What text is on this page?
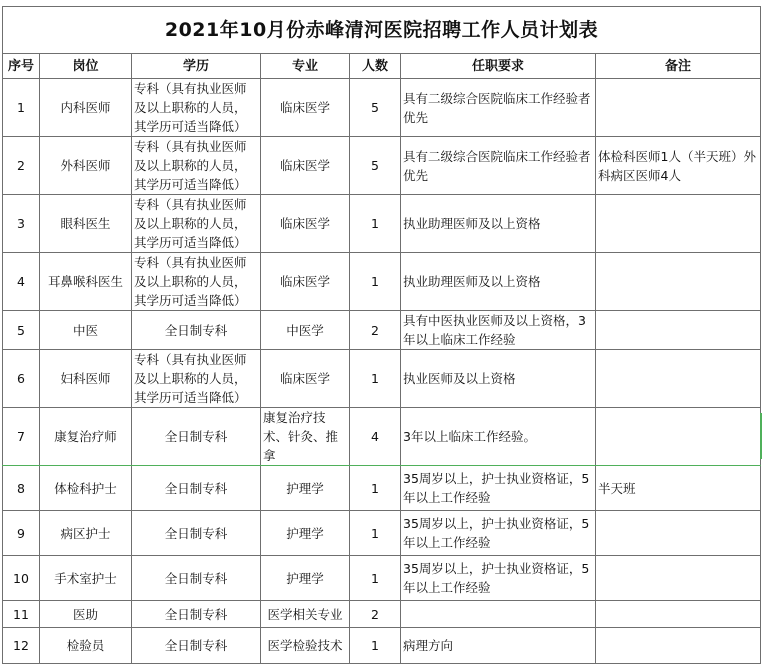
2021年10月份赤峰清河医院招聘工作人员计划表						
序号	岗位	学历	专业	人数	任职要求	备注
1	内科医师	专科（具有执业医师及以上职称的人员，其学历可适当降低）	临床医学	5	具有二级综合医院临床工作经验者优先	
2	外科医师	专科（具有执业医师及以上职称的人员，其学历可适当降低）	临床医学	5	具有二级综合医院临床工作经验者优先	体检科医师1人（半天班）外科病区医师4人
3	眼科医生	专科（具有执业医师及以上职称的人员，其学历可适当降低）	临床医学	1	执业助理医师及以上资格	
4	耳鼻喉科医生	专科（具有执业医师及以上职称的人员，其学历可适当降低）	临床医学	1	执业助理医师及以上资格	
5	中医	全日制专科	中医学	2	具有中医执业医师及以上资格，3年以上临床工作经验	
6	妇科医师	专科（具有执业医师及以上职称的人员，其学历可适当降低）	临床医学	1	执业医师及以上资格	
7	康复治疗师	全日制专科	康复治疗技术、针灸、推拿	4	3年以上临床工作经验。	
8	体检科护士	全日制专科	护理学	1	35周岁以上，护士执业资格证，5年以上工作经验	半天班
9	病区护士	全日制专科	护理学	1	35周岁以上，护士执业资格证，5年以上工作经验	
10	手术室护士	全日制专科	护理学	1	35周岁以上，护士执业资格证，5年以上工作经验	
11	医助	全日制专科	医学相关专业	2		
12	检验员	全日制专科	医学检验技术	1	病理方向	
